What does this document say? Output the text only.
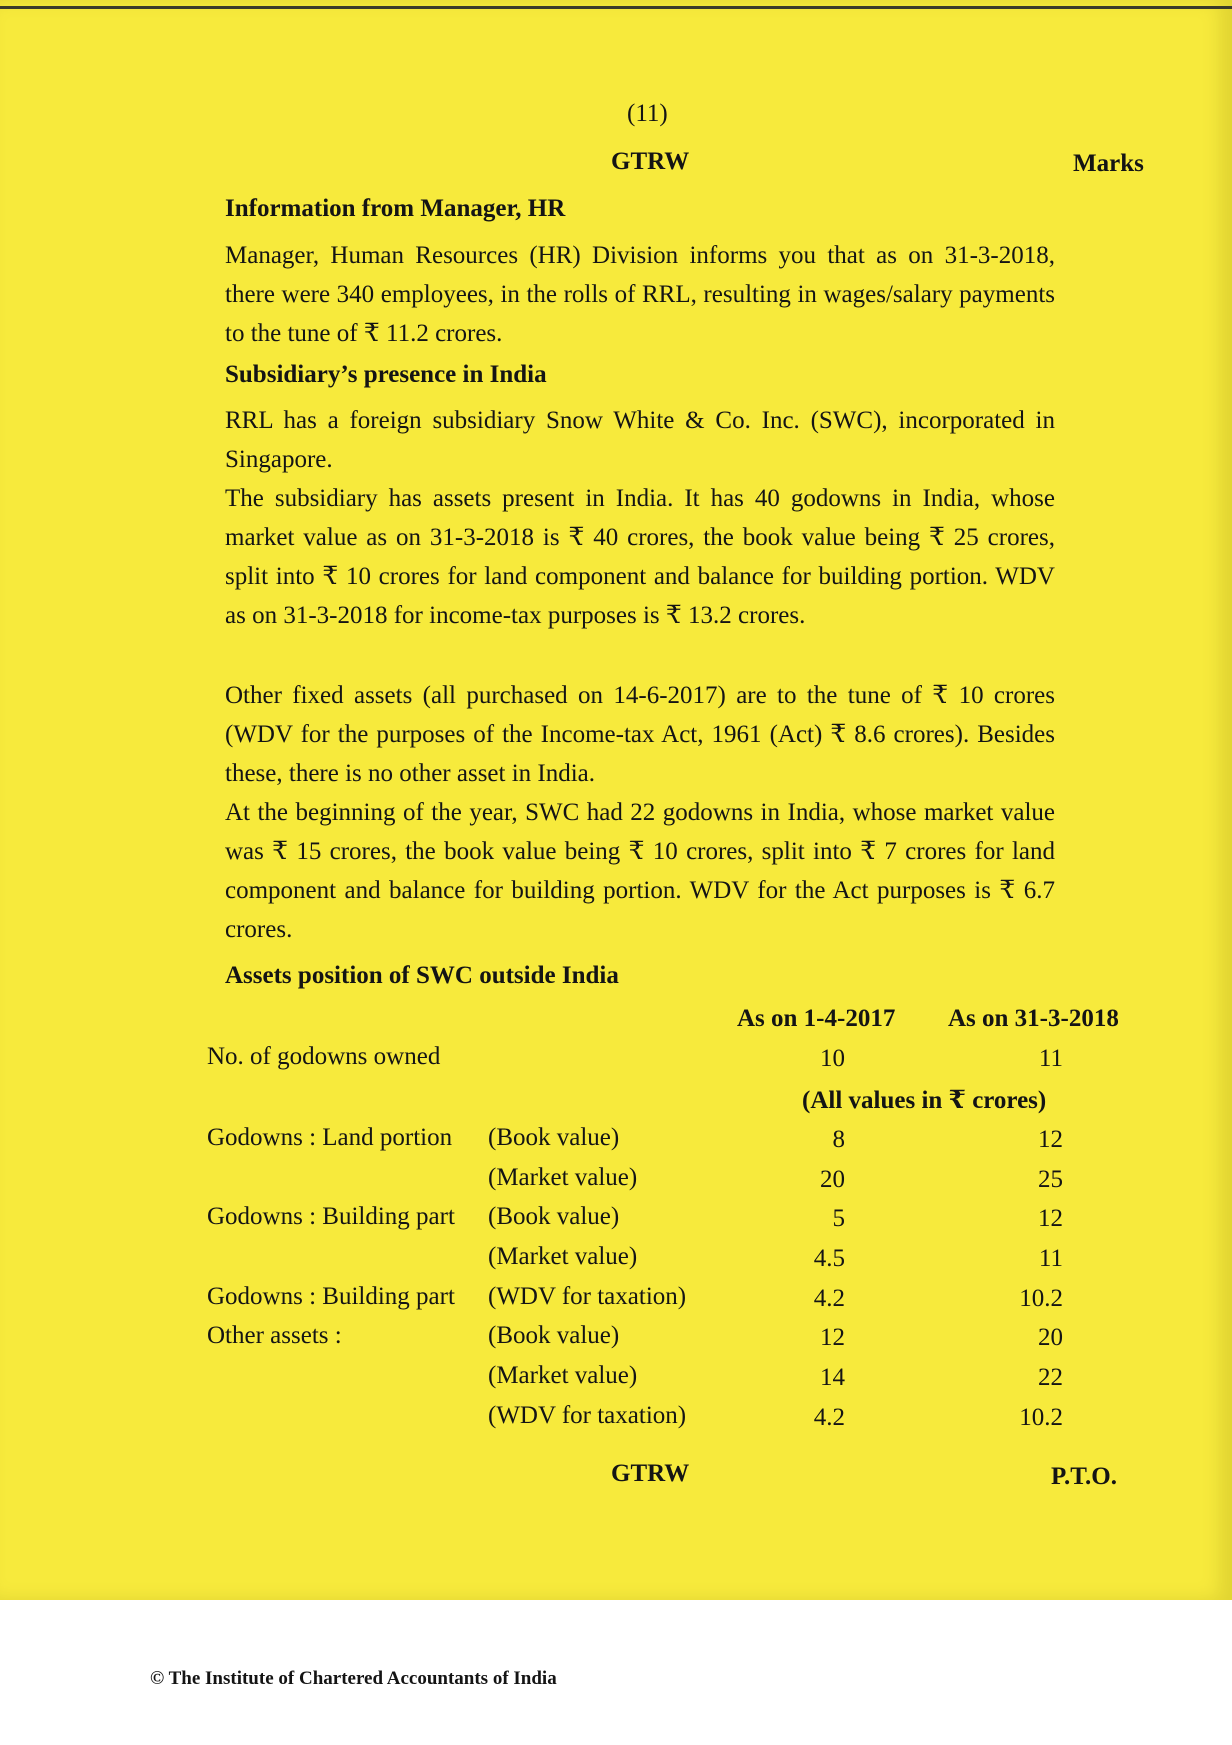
(11)
GTRW	Marks
Information from Manager, HR
Manager, Human Resources (HR) Division informs you that as on 31-3-2018, there were 340 employees, in the rolls of RRL, resulting in wages/salary payments to the tune of ₹ 11.2 crores.
Subsidiary’s presence in India
RRL has a foreign subsidiary Snow White & Co. Inc. (SWC), incorporated in Singapore.
The subsidiary has assets present in India. It has 40 godowns in India, whose market value as on 31-3-2018 is ₹ 40 crores, the book value being ₹ 25 crores, split into ₹ 10 crores for land component and balance for building portion. WDV as on 31-3-2018 for income-tax purposes is ₹ 13.2 crores.
Other fixed assets (all purchased on 14-6-2017) are to the tune of ₹ 10 crores (WDV for the purposes of the Income-tax Act, 1961 (Act) ₹ 8.6 crores). Besides these, there is no other asset in India.
At the beginning of the year, SWC had 22 godowns in India, whose market value was ₹ 15 crores, the book value being ₹ 10 crores, split into ₹ 7 crores for land component and balance for building portion. WDV for the Act purposes is ₹ 6.7 crores.
Assets position of SWC outside India
As on 1-4-2017 As on 31-3-2018
No. of godowns owned	10	11
(All values in ₹ crores)
Godowns : Land portion (Book value)	8	12
(Market value)	20	25
Godowns : Building part (Book value)	5	12
(Market value)	4.5	11
Godowns : Building part (WDV for taxation)	4.2	10.2
Other assets :	(Book value)	12	20
(Market value)	14	22
(WDV for taxation)	4.2	10.2
GTRW	P.T.O.
© The Institute of Chartered Accountants of India
